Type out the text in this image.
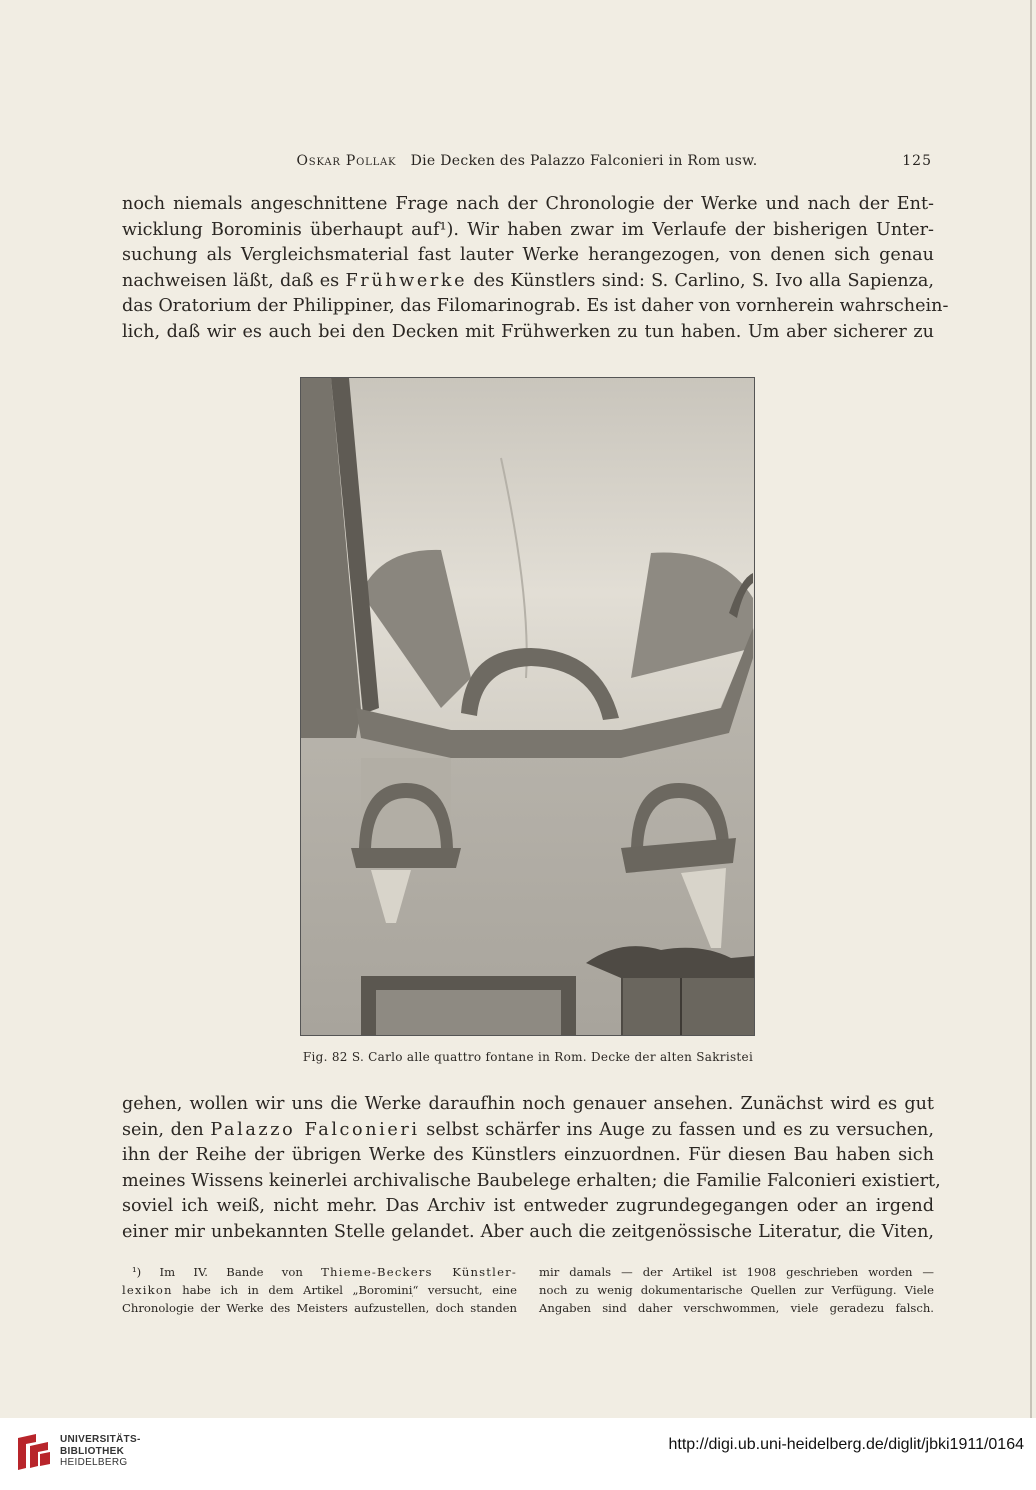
Oskar Pollak Die Decken des Palazzo Falconieri in Rom usw.	125
noch niemals angeschnittene Frage nach der Chronologie der Werke und nach der Ent-
wicklung Borominis überhaupt auf¹). Wir haben zwar im Verlaufe der bisherigen Unter-
suchung als Vergleichsmaterial fast lauter Werke herangezogen, von denen sich genau
nachweisen läßt, daß es Frühwerke des Künstlers sind: S. Carlino, S. Ivo alla Sapienza,
das Oratorium der Philippiner, das Filomarinograb. Es ist daher von vornherein wahrschein-
lich, daß wir es auch bei den Decken mit Frühwerken zu tun haben. Um aber sicherer zu
Fig. 82 S. Carlo alle quattro fontane in Rom. Decke der alten Sakristei
gehen, wollen wir uns die Werke daraufhin noch genauer ansehen. Zunächst wird es gut
sein, den Palazzo Falconieri selbst schärfer ins Auge zu fassen und es zu versuchen,
ihn der Reihe der übrigen Werke des Künstlers einzuordnen. Für diesen Bau haben sich
meines Wissens keinerlei archivalische Baubelege erhalten; die Familie Falconieri existiert,
soviel ich weiß, nicht mehr. Das Archiv ist entweder zugrundegegangen oder an irgend
einer mir unbekannten Stelle gelandet. Aber auch die zeitgenössische Literatur, die Viten,
¹) Im IV. Bande von Thieme-Beckers Künstler-
lexikon habe ich in dem Artikel „Borominiׅ“ versucht, eine
Chronologie der Werke des Meisters aufzustellen, doch standen
mir damals — der Artikel ist 1908 geschrieben worden —
noch zu wenig dokumentarische Quellen zur Verfügung. Viele
Angaben sind daher verschwommen, viele geradezu falsch.
UNIVERSITÄTS-
BIBLIOTHEK
HEIDELBERG
http://digi.ub.uni-heidelberg.de/diglit/jbki1911/0164
